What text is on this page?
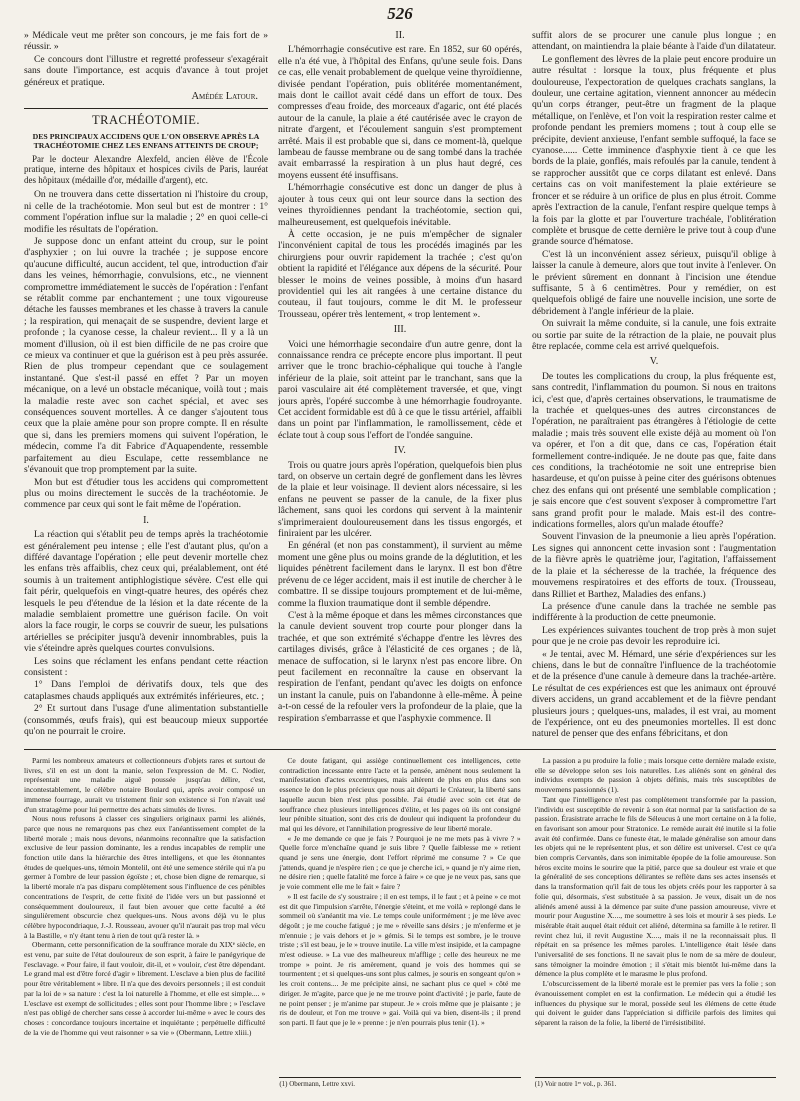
526

» Médicale veut me prêter son concours, je me fais fort de » réussir. »

Ce concours dont l'illustre et regretté professeur s'exagérait sans doute l'importance, est acquis d'avance à tout projet généreux et pratique.

Amédée Latour.
TRACHÉOTOMIE.
DES PRINCIPAUX ACCIDENS QUE L'ON OBSERVE APRÈS LA TRACHÉOTOMIE CHEZ LES ENFANS ATTEINTS DE CROUP;
Par le docteur Alexandre Alexfeld, ancien élève de l'École pratique, interne des hôpitaux et hospices civils de Paris, lauréat des hôpitaux (médaille d'or, médaille d'argent), etc.

On ne trouvera dans cette dissertation ni l'histoire du croup, ni celle de la trachéotomie. Mon seul but est de montrer : 1° comment l'opération influe sur la maladie ; 2° en quoi celle-ci modifie les résultats de l'opération.

Je suppose donc un enfant atteint du croup, sur le point d'asphyxier ; on lui ouvre la trachée ; je suppose encore qu'aucune difficulté, aucun accident, tel que, introduction d'air dans les veines, hémorrhagie, convulsions, etc., ne viennent compromettre immédiatement le succès de l'opération : l'enfant se rétablit comme par enchantement ; une toux vigoureuse détache les fausses membranes et les chasse à travers la canule ; la respiration, qui menaçait de se suspendre, devient large et profonde ; la cyanose cesse, la chaleur revient... Il y a là un moment d'illusion, où il est bien difficile de ne pas croire que ce mieux va continuer et que la guérison est à peu près assurée. Rien de plus trompeur cependant que ce soulagement instantané. Que s'est-il passé en effet ? Par un moyen mécanique, on a levé un obstacle mécanique, voilà tout ; mais la maladie reste avec son cachet spécial, et avec ses conséquences souvent mortelles. À ce danger s'ajoutent tous ceux que la plaie amène pour son propre compte. Il en résulte que si, dans les premiers momens qui suivent l'opération, le médecin, comme l'a dit Fabrice d'Aquapendente, ressemble parfaitement au dieu Esculape, cette ressemblance ne s'évanouit que trop promptement par la suite.

Mon but est d'étudier tous les accidens qui compromettent plus ou moins directement le succès de la trachéotomie. Je commence par ceux qui sont le fait même de l'opération.

I.

La réaction qui s'établit peu de temps après la trachéotomie est généralement peu intense ; elle l'est d'autant plus, qu'on a différé davantage l'opération ; elle peut devenir mortelle chez les enfans très affaiblis, chez ceux qui, préalablement, ont été soumis à un traitement antiphlogistique sévère. C'est elle qui fait périr, quelquefois en vingt-quatre heures, des opérés chez lesquels le peu d'étendue de la lésion et la date récente de la maladie semblaient promettre une guérison facile. On voit alors la face rougir, le corps se couvrir de sueur, les pulsations artérielles se précipiter jusqu'à devenir innombrables, puis la vie s'éteindre après quelques courtes convulsions.

Les soins que réclament les enfans pendant cette réaction consistent :

1° Dans l'emploi de dérivatifs doux, tels que des cataplasmes chauds appliqués aux extrémités inférieures, etc. ;

2° Et surtout dans l'usage d'une alimentation substantielle (consommés, œufs frais), qui est beaucoup mieux supportée qu'on ne pourrait le croire.

II.

L'hémorrhagie consécutive est rare. En 1852, sur 60 opérés, elle n'a été vue, à l'hôpital des Enfans, qu'une seule fois. Dans ce cas, elle venait probablement de quelque veine thyroïdienne, divisée pendant l'opération, puis oblitérée momentanément, mais dont le caillot avait cédé dans un effort de toux. Des compresses d'eau froide, des morceaux d'agaric, ont été placés autour de la canule, la plaie a été cautérisée avec le crayon de nitrate d'argent, et l'écoulement sanguin s'est promptement arrêté. Mais il est probable que si, dans ce moment-là, quelque lambeau de fausse membrane ou de sang tombé dans la trachée avait embarrassé la respiration à un plus haut degré, ces moyens eussent été insuffisans.

L'hémorrhagie consécutive est donc un danger de plus à ajouter à tous ceux qui ont leur source dans la section des veines thyroïdiennes pendant la trachéotomie, section qui, malheureusement, est quelquefois inévitable.

À cette occasion, je ne puis m'empêcher de signaler l'inconvénient capital de tous les procédés imaginés par les chirurgiens pour ouvrir rapidement la trachée ; c'est qu'on obtient la rapidité et l'élégance aux dépens de la sécurité. Pour blesser le moins de veines possible, à moins d'un hasard providentiel qui les ait rangées à une certaine distance du couteau, il faut toujours, comme le dit M. le professeur Trousseau, opérer très lentement, « trop lentement ».

III.

Voici une hémorrhagie secondaire d'un autre genre, dont la connaissance rendra ce précepte encore plus important. Il peut arriver que le tronc brachio-céphalique qui touche à l'angle inférieur de la plaie, soit atteint par le tranchant, sans que la paroi vasculaire ait été complètement traversée, et que, vingt jours après, l'opéré succombe à une hémorrhagie foudroyante. Cet accident formidable est dû à ce que le tissu artériel, affaibli dans un point par l'inflammation, le ramollissement, cède et éclate tout à coup sous l'effort de l'ondée sanguine.

IV.

Trois ou quatre jours après l'opération, quelquefois bien plus tard, on observe un certain degré de gonflement dans les lèvres de la plaie et leur voisinage. Il devient alors nécessaire, si les enfans ne peuvent se passer de la canule, de la fixer plus lâchement, sans quoi les cordons qui servent à la maintenir s'imprimeraient douloureusement dans les tissus engorgés, et finiraient par les ulcérer.

En général (et non pas constamment), il survient au même moment une gêne plus ou moins grande de la déglutition, et les liquides pénètrent facilement dans le larynx. Il est bon d'être prévenu de ce léger accident, mais il est inutile de chercher à le combattre. Il se dissipe toujours promptement et de lui-même, comme la fluxion traumatique dont il semble dépendre.

C'est à la même époque et dans les mêmes circonstances que la canule devient souvent trop courte pour plonger dans la trachée, et que son extrémité s'échappe d'entre les lèvres des cartilages divisés, grâce à l'élasticité de ces organes ; de là, menace de suffocation, si le larynx n'est pas encore libre. On peut facilement en reconnaître la cause en observant la respiration de l'enfant, pendant qu'avec les doigts on enfonce un instant la canule, puis on l'abandonne à elle-même. À peine a-t-on cessé de la refouler vers la profondeur de la plaie, que la respiration s'embarrasse et que l'asphyxie commence. Il

suffit alors de se procurer une canule plus longue ; en attendant, on maintiendra la plaie béante à l'aide d'un dilatateur.

Le gonflement des lèvres de la plaie peut encore produire un autre résultat : lorsque la toux, plus fréquente et plus douloureuse, l'expectoration de quelques crachats sanglans, la douleur, une certaine agitation, viennent annoncer au médecin qu'un corps étranger, peut-être un fragment de la plaque métallique, on l'enlève, et l'on voit la respiration rester calme et profonde pendant les premiers momens ; tout à coup elle se précipite, devient anxieuse, l'enfant semble suffoqué, la face se cyanose...... Cette imminence d'asphyxie tient à ce que les bords de la plaie, gonflés, mais refoulés par la canule, tendent à se rapprocher aussitôt que ce corps dilatant est enlevé. Dans certains cas on voit manifestement la plaie extérieure se froncer et se réduire à un orifice de plus en plus étroit. Comme après l'extraction de la canule, l'enfant respire quelque temps à la fois par la glotte et par l'ouverture trachéale, l'oblitération complète et brusque de cette dernière le prive tout à coup d'une grande source d'hématose.

C'est là un inconvénient assez sérieux, puisqu'il oblige à laisser la canule à demeure, alors que tout invite à l'enlever. On le prévient sûrement en donnant à l'incision une étendue suffisante, 5 à 6 centimètres. Pour y remédier, on est quelquefois obligé de faire une nouvelle incision, une sorte de débridement à l'angle inférieur de la plaie.

On suivrait la même conduite, si la canule, une fois extraite ou sortie par suite de la rétraction de la plaie, ne pouvait plus être replacée, comme cela est arrivé quelquefois.

V.

De toutes les complications du croup, la plus fréquente est, sans contredit, l'inflammation du poumon. Si nous en traitons ici, c'est que, d'après certaines observations, le traumatisme de la trachée et quelques-unes des autres circonstances de l'opération, ne paraîtraient pas étrangères à l'étiologie de cette maladie ; mais très souvent elle existe déjà au moment où l'on va opérer, et l'on a dit que, dans ce cas, l'opération était formellement contre-indiquée. Je ne doute pas que, faite dans ces conditions, la trachéotomie ne soit une entreprise bien hasardeuse, et qu'on puisse à peine citer des guérisons obtenues chez des enfans qui ont présenté une semblable complication ; je sais encore que c'est souvent s'exposer à compromettre l'art sans grand profit pour le malade. Mais est-il des contre-indications formelles, alors qu'un malade étouffe?

Souvent l'invasion de la pneumonie a lieu après l'opération. Les signes qui annoncent cette invasion sont : l'augmentation de la fièvre après le quatrième jour, l'agitation, l'affaissement de la plaie et la sécheresse de la trachée, la fréquence des mouvemens respiratoires et des efforts de toux. (Trousseau, dans Rilliet et Barthez, Maladies des enfans.)

La présence d'une canule dans la trachée ne semble pas indifférente à la production de cette pneumonie.

Les expériences suivantes touchent de trop près à mon sujet pour que je ne croie pas devoir les reproduire ici.

« Je tentai, avec M. Hémard, une série d'expériences sur les chiens, dans le but de connaître l'influence de la trachéotomie et de la présence d'une canule à demeure dans la trachée-artère. Le résultat de ces expériences est que les animaux ont éprouvé divers accidens, un grand accablement et de la fièvre pendant plusieurs jours ; quelques-uns, malades, il est vrai, au moment de l'expérience, ont eu des pneumonies mortelles. Il est donc naturel de penser que des enfans fébricitans, et don

Parmi les nombreux amateurs et collectionneurs d'objets rares et surtout de livres, s'il en est un dont la manie, selon l'expression de M. C. Nodier, représentait une maladie aiguë poussée jusqu'au délire, c'est, incontestablement, le célèbre notaire Boulard qui, après avoir composé un immense fourrage, aurait vu tristement finir son existence si l'on n'avait usé d'un stratagème pour lui permettre des achats simulés de livres.

Nous nous refusons à classer ces singuliers originaux parmi les aliénés, parce que nous ne remarquons pas chez eux l'anéantissement complet de la liberté morale ; mais nous devons, néanmoins reconnaître que la satisfaction exclusive de leur passion dominante, les a rendus incapables de remplir une fonction utile dans la hiérarchie des êtres intelligens, et que les étonnantes études de quelques-uns, témoin Montelil, ont été une semence stérile qui n'a pu germer à l'ombre de leur passion égoïste ; et, chose bien digne de remarque, si la liberté morale n'a pas disparu complètement sous l'influence de ces pénibles concentrations de l'esprit, de cette fixité de l'idée vers un but passionné et conséquemment douloureux, il faut bien avouer que cette faculté a été singulièrement obscurcie chez quelques-uns. Nous avons déjà vu le plus célèbre hypocondriaque, J.-J. Rousseau, avouer qu'il n'aurait pas trop mal vécu à la Bastille, « n'y étant tenu à rien de tout qu'à rester là. »

Obermann, cette personnification de la souffrance morale du XIXᵉ siècle, en est venu, par suite de l'état douloureux de son esprit, à faire le panégyrique de l'esclavage. « Pour faire, il faut vouloir, dit-il, et » vouloir, c'est être dépendant. Le grand mal est d'être forcé d'agir » librement. L'esclave a bien plus de facilité pour être véritablement » libre. Il n'a que des devoirs personnels ; il est conduit par la loi de » sa nature : c'est la loi naturelle à l'homme, et elle est simple.... » L'esclave est exempt de sollicitudes ; elles sont pour l'homme libre ; » l'esclave n'est pas obligé de chercher sans cesse à accorder lui-même » avec le cours des choses : concordance toujours incertaine et inquiétante ; perpétuelle difficulté de la vie de l'homme qui veut raisonner » sa vie » (Obermann, Lettre xliii.)

Ce doute fatigant, qui assiège continuellement ces intelligences, cette contradiction incessante entre l'acte et la pensée, amènent nous seulement la manifestation d'actes excentriques, mais altèrent de plus en plus dans son essence le don le plus précieux que nous ait départi le Créateur, la liberté sans laquelle aucun bien n'est plus possible. J'ai étudié avec soin cet état de souffrance chez plusieurs intelligences d'élite, et les pages où ils ont consigné leur pénible situation, sont des cris de douleur qui indiquent la profondeur du mal qui les dévore, et l'annihilation progressive de leur liberté morale.

« Je me demande ce que je fais ? Pourquoi je ne me mets pas à vivre ? » Quelle force m'enchaîne quand je suis libre ? Quelle faiblesse me » retient quand je sens une énergie, dont l'effort réprimé me consume ? » Ce que j'attends, quand je n'espère rien ; ce que je cherche ici, » quand je n'y aime rien, ne désire rien ; quelle fatalité me force à faire » ce que je ne veux pas, sans que je voie comment elle me le fait » faire ?

» Il est facile de s'y soustraire ; il en est temps, il le faut ; et à peine » ce mot est dit que l'impulsion s'arrête, l'énergie s'éteint, et me voilà » replongé dans le sommeil où s'anéantit ma vie. Le temps coule uniformément ; je me lève avec dégoût ; je me couche fatigué ; je me » réveille sans désirs ; je m'enferme et je m'ennuie ; je vais dehors et je » gémis. Si le temps est sombre, je le trouve triste ; s'il est beau, je le » trouve inutile. La ville m'est insipide, et la campagne m'est odieuse. » La vue des malheureux m'afflige ; celle des heureux ne me trompe » point. Je ris amèrement, quand je vois des hommes qui se tourmentent ; et si quelques-uns sont plus calmes, je souris en songeant qu'on » les croit contens.... Je me précipite ainsi, ne sachant plus ce quel » côté me diriger. Je m'agite, parce que je ne me trouve point d'activité ; je parle, faute de ne point penser ; je m'anime par stupeur. Je » crois même que je plaisante ; je ris de douleur, et l'on me trouve » gai. Voilà qui va bien, disent-ils ; il prend son parti. Il faut que je le » prenne : je n'en pourrais plus tenir (1). »

(1) Obermann, Lettre xxvi.

La passion a pu produire la folie ; mais lorsque cette dernière malade existe, elle se développe selon ses lois naturelles. Les aliénés sont en général des individus exempts de passion à objets définis, mais très susceptibles de mouvemens passionnés (1).

Tant que l'intelligence n'est pas complètement transformée par la passion, l'individu est susceptible de revenir à son état normal par la satisfaction de sa passion. Érasistrate arrache le fils de Séleucus à une mort certaine on à la folie, en favorisant son amour pour Stratonice. Le remède aurait été inutile si la folie avait été confirmée. Dans ce funeste état, le malade généralise son amour dans les objets qui ne le représentent plus, et son délire est universel. C'est ce qu'a bien compris Cervantès, dans son inimitable épopée de la folie amoureuse. Son héros excite moins le sourire que la pitié, parce que sa douleur est vraie et que la généralité de ses conceptions délirantes se reflète dans ses actes insensés et dans la transformation qu'il fait de tous les objets créés pour les rapporter à sa folie qui, désormais, s'est substituée à sa passion. Je veux, disait un de nos aliénés amené aussi à la démence par suite d'une passion amoureuse, vivre et mourir pour Augustine X...., me soumettre à ses lois et mourir à ses pieds. Le misérable était auquel était réduit cet aliéné, détermina sa famille à le retirer. Il revint chez lui, il revit Augustine X...., mais il ne la reconnaissait plus. Il répétait en sa présence les mêmes paroles. L'intelligence était lésée dans l'universalité de ses fonctions. Il ne savait plus le nom de sa mère de douleur, sans témoigner la moindre émotion ; il s'était mis bientôt lui-même dans la démence la plus complète et le marasme le plus profond.

L'obscurcissement de la liberté morale est le premier pas vers la folie ; son évanouissement complet en est la confirmation. Le médecin qui a étudié les influences du physique sur le moral, possède seul les élémens de cette étude qui doivent le guider dans l'appréciation si difficile parfois des limites qui séparent la raison de la folie, la liberté de l'irrésistibilité.

(1) Voir notre 1ᵉʳ vol., p. 361.
